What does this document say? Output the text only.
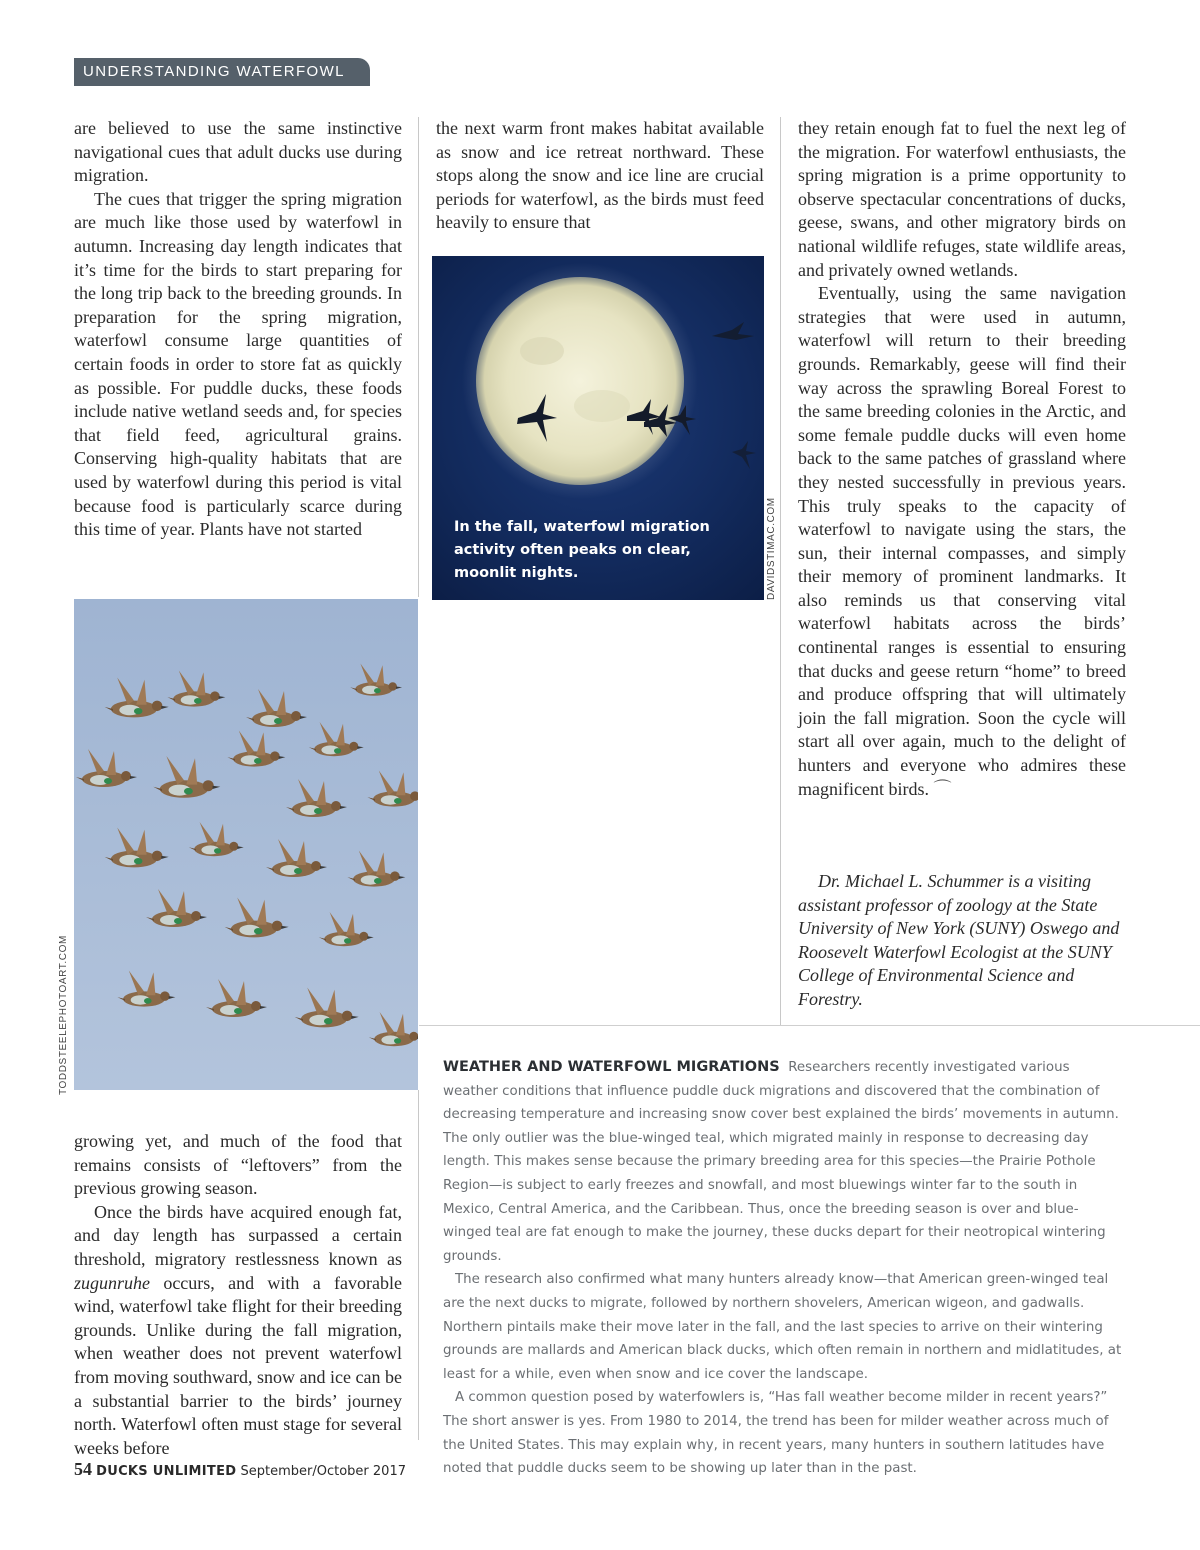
UNDERSTANDING WATERFOWL

are believed to use the same instinctive navigational cues that adult ducks use during migration.

The cues that trigger the spring migration are much like those used by waterfowl in autumn. Increasing day length indicates that it’s time for the birds to start preparing for the long trip back to the breeding grounds. In preparation for the spring migration, waterfowl consume large quantities of certain foods in order to store fat as quickly as possible. For puddle ducks, these foods include native wetland seeds and, for species that field feed, agricultural grains. Conserving high-quality habitats that are used by waterfowl during this period is vital because food is particularly scarce during this time of year. Plants have not started

the next warm front makes habitat available as snow and ice retreat northward. These stops along the snow and ice line are crucial periods for waterfowl, as the birds must feed heavily to ensure that

In the fall, waterfowl migration activity often peaks on clear, moonlit nights.	DAVIDSTIMAC.COM
TODDSTEELEPHOTOART.COM

they retain enough fat to fuel the next leg of the migration. For waterfowl enthusiasts, the spring migration is a prime opportunity to observe spectacular concentrations of ducks, geese, swans, and other migratory birds on national wildlife refuges, state wildlife areas, and privately owned wetlands.

Eventually, using the same navigation strategies that were used in autumn, waterfowl will return to their breeding grounds. Remarkably, geese will find their way across the sprawling Boreal Forest to the same breeding colonies in the Arctic, and some female puddle ducks will even home back to the same patches of grassland where they nested successfully in previous years. This truly speaks to the capacity of waterfowl to navigate using the stars, the sun, their internal compasses, and simply their memory of prominent landmarks. It also reminds us that conserving vital waterfowl habitats across the birds’ continental ranges is essential to ensuring that ducks and geese return “home” to breed and produce offspring that will ultimately join the fall migration. Soon the cycle will start all over again, much to the delight of hunters and everyone who admires these magnificent birds. ⌒

Dr. Michael L. Schummer is a visiting assistant professor of zoology at the State University of New York (SUNY) Oswego and Roosevelt Waterfowl Ecologist at the SUNY College of Environmental Science and Forestry.

growing yet, and much of the food that remains consists of “leftovers” from the previous growing season.

Once the birds have acquired enough fat, and day length has surpassed a certain threshold, migratory restlessness known as zugunruhe occurs, and with a favorable wind, waterfowl take flight for their breeding grounds. Unlike during the fall migration, when weather does not prevent waterfowl from moving southward, snow and ice can be a substantial barrier to the birds’ journey north. Waterfowl often must stage for several weeks before

WEATHER AND WATERFOWL MIGRATIONS Researchers recently investigated various weather conditions that influence puddle duck migrations and discovered that the combination of decreasing temperature and increasing snow cover best explained the birds’ movements in autumn. The only outlier was the blue-winged teal, which migrated mainly in response to decreasing day length. This makes sense because the primary breeding area for this species—the Prairie Pothole Region—is subject to early freezes and snowfall, and most bluewings winter far to the south in Mexico, Central America, and the Caribbean. Thus, once the breeding season is over and blue-winged teal are fat enough to make the journey, these ducks depart for their neotropical wintering grounds.

The research also confirmed what many hunters already know—that American green-winged teal are the next ducks to migrate, followed by northern shovelers, American wigeon, and gadwalls. Northern pintails make their move later in the fall, and the last species to arrive on their wintering grounds are mallards and American black ducks, which often remain in northern and midlatitudes, at least for a while, even when snow and ice cover the landscape.

A common question posed by waterfowlers is, “Has fall weather become milder in recent years?” The short answer is yes. From 1980 to 2014, the trend has been for milder weather across much of the United States. This may explain why, in recent years, many hunters in southern latitudes have noted that puddle ducks seem to be showing up later than in the past.

54 DUCKS UNLIMITED September/October 2017
